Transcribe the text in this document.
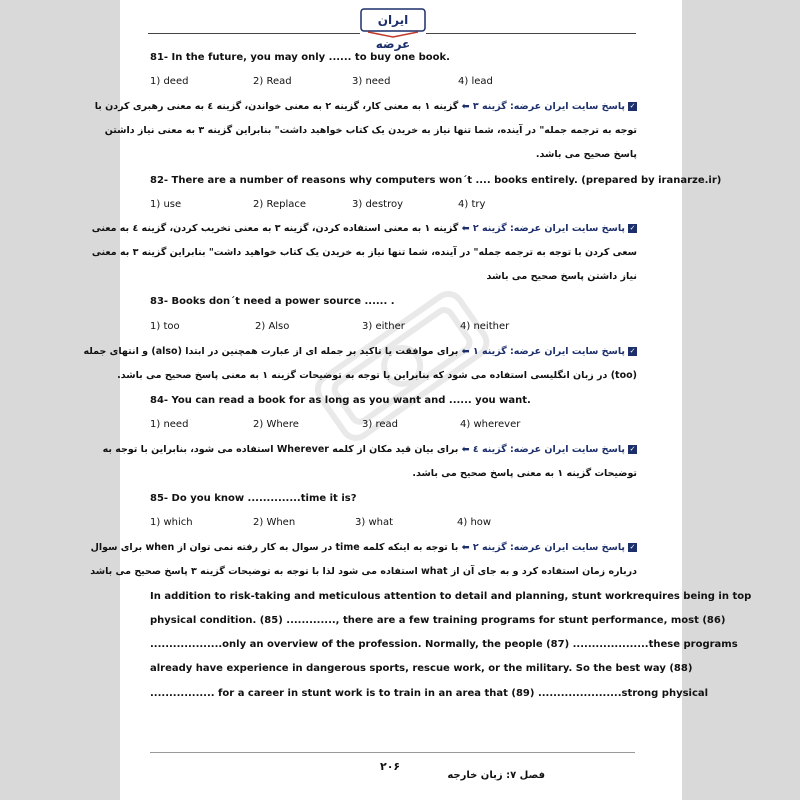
ایران عرضه
81- In the future, you may only ...... to buy one book.
1) deed	2) Read	3) need	4) lead
✓پاسخ سایت ایران عرضه: گزینه ۳ ⬅ گزینه ۱ به معنی کار، گزینه ۲ به معنی خواندن، گزینه ٤ به معنی رهبری کردن با
توجه به ترجمه جمله" در آینده، شما تنها نیاز به خریدن یک کتاب خواهید داشت" بنابراین گزینه ۳ به معنی نیاز داشتن
پاسخ صحیح می باشد.
82- There are a number of reasons why computers won´t .... books entirely. (prepared by iranarze.ir)
1) use	2) Replace	3) destroy	4) try
✓پاسخ سایت ایران عرضه: گزینه ۲ ⬅ گزینه ۱ به معنی استفاده کردن، گزینه ۳ به معنی تخریب کردن، گزینه ٤ به معنی
سعی کردن با توجه به ترجمه جمله" در آینده، شما تنها نیاز به خریدن یک کتاب خواهید داشت" بنابراین گزینه ۳ به معنی
نیاز داشتن پاسخ صحیح می باشد
83- Books don´t need a power source ...... .
1) too	2) Also	3) either	4) neither
✓پاسخ سایت ایران عرضه: گزینه ۱ ⬅ برای موافقت یا تاکید بر جمله ای از عبارت همچنین در ابتدا (also) و انتهای جمله
(too) در زبان انگلیسی استفاده می شود که بنابراین با توجه به توضیحات گزینه ۱ به معنی پاسخ صحیح می باشد.
84- You can read a book for as long as you want and ...... you want.
1) need	2) Where	3) read	4) wherever
✓پاسخ سایت ایران عرضه: گزینه ٤ ⬅ برای بیان قید مکان از کلمه Wherever استفاده می شود، بنابراین با توجه به
توضیحات گزینه ۱ به معنی پاسخ صحیح می باشد.
85- Do you know ..............time it is?
1) which	2) When	3) what	4) how
✓پاسخ سایت ایران عرضه: گزینه ۲ ⬅ با توجه به اینکه کلمه time در سوال به کار رفته نمی توان از when برای سوال
درباره زمان استفاده کرد و به جای آن از what استفاده می شود لذا با توجه به توضیحات گزینه ۳ پاسخ صحیح می باشد
In addition to risk-taking and meticulous attention to detail and planning, stunt workrequires being in top
physical condition. (85) ............., there are a few training programs for stunt performance, most (86)
...................only an overview of the profession. Normally, the people (87) ....................these programs
already have experience in dangerous sports, rescue work, or the military. So the best way (88)
................. for a career in stunt work is to train in an area that (89) ......................strong physical
۲۰۶
فصل ۷: زبان خارجه
